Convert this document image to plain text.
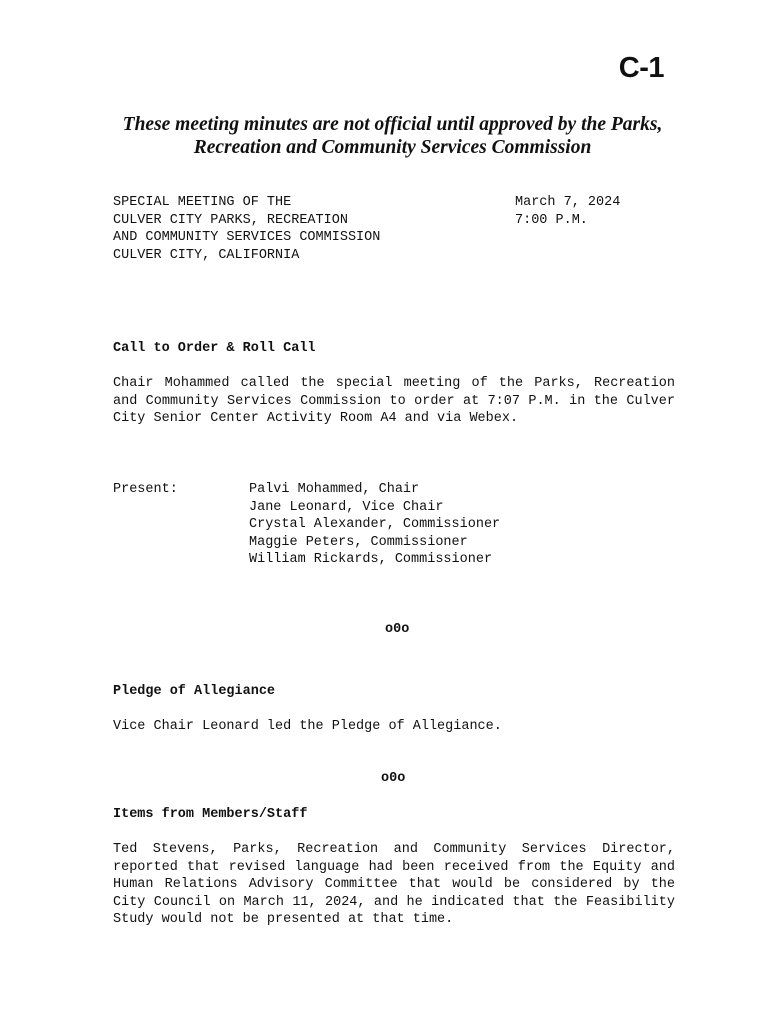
C-1
These meeting minutes are not official until approved by the Parks, Recreation and Community Services Commission
SPECIAL MEETING OF THE
CULVER CITY PARKS, RECREATION
AND COMMUNITY SERVICES COMMISSION
CULVER CITY, CALIFORNIA
March 7, 2024
7:00 P.M.
Call to Order & Roll Call
Chair Mohammed called the special meeting of the Parks, Recreation and Community Services Commission to order at 7:07 P.M. in the Culver City Senior Center Activity Room A4 and via Webex.
Present:	Palvi Mohammed, Chair
Jane Leonard, Vice Chair
Crystal Alexander, Commissioner
Maggie Peters, Commissioner
William Rickards, Commissioner
o0o
Pledge of Allegiance
Vice Chair Leonard led the Pledge of Allegiance.
o0o
Items from Members/Staff
Ted Stevens, Parks, Recreation and Community Services Director, reported that revised language had been received from the Equity and Human Relations Advisory Committee that would be considered by the City Council on March 11, 2024, and he indicated that the Feasibility Study would not be presented at that time.
